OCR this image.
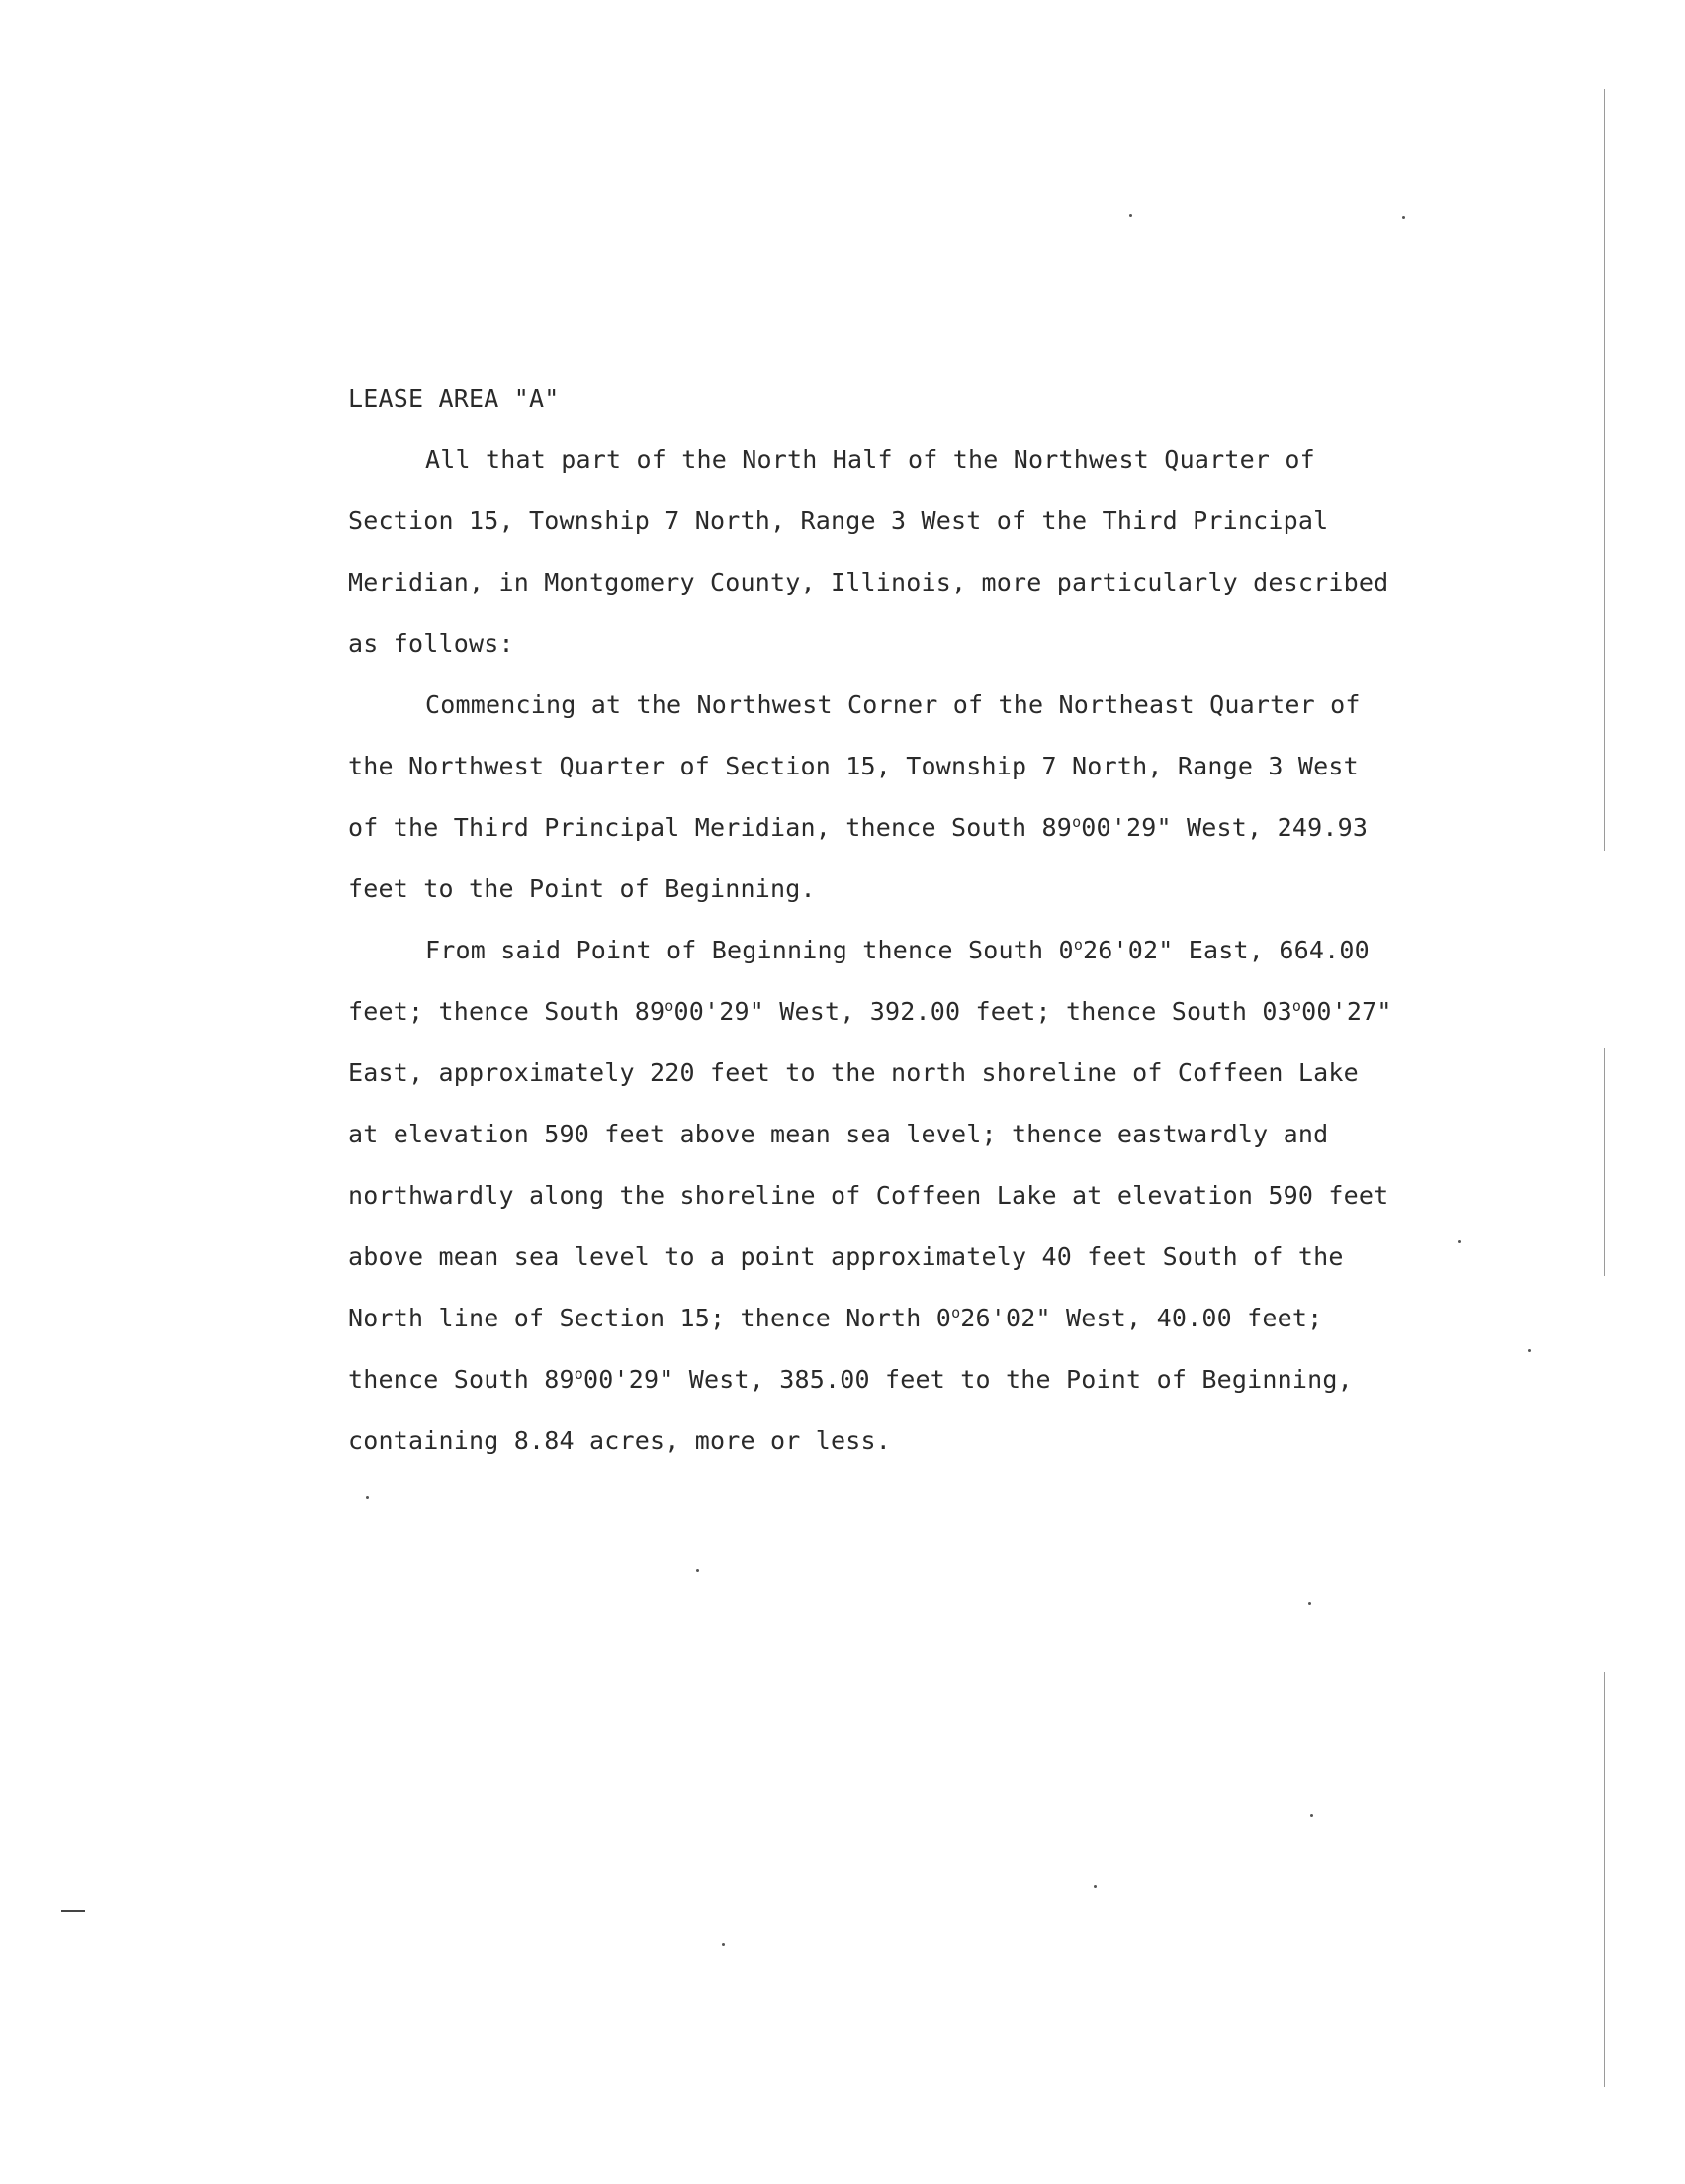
LEASE AREA "A"
All that part of the North Half of the Northwest Quarter of
Section 15, Township 7 North, Range 3 West of the Third Principal
Meridian, in Montgomery County, Illinois, more particularly described
as follows:
Commencing at the Northwest Corner of the Northeast Quarter of
the Northwest Quarter of Section 15, Township 7 North, Range 3 West
of the Third Principal Meridian, thence South 89$^o$00'29" West, 249.93
feet to the Point of Beginning.
From said Point of Beginning thence South 0$^o$26'02" East, 664.00
feet; thence South 89$^o$00'29" West, 392.00 feet; thence South 03$^o$00'27"
East, approximately 220 feet to the north shoreline of Coffeen Lake
at elevation 590 feet above mean sea level; thence eastwardly and
northwardly along the shoreline of Coffeen Lake at elevation 590 feet
above mean sea level to a point approximately 40 feet South of the
North line of Section 15; thence North 0$^o$26'02" West, 40.00 feet;
thence South 89$^o$00'29" West, 385.00 feet to the Point of Beginning,
containing 8.84 acres, more or less.
